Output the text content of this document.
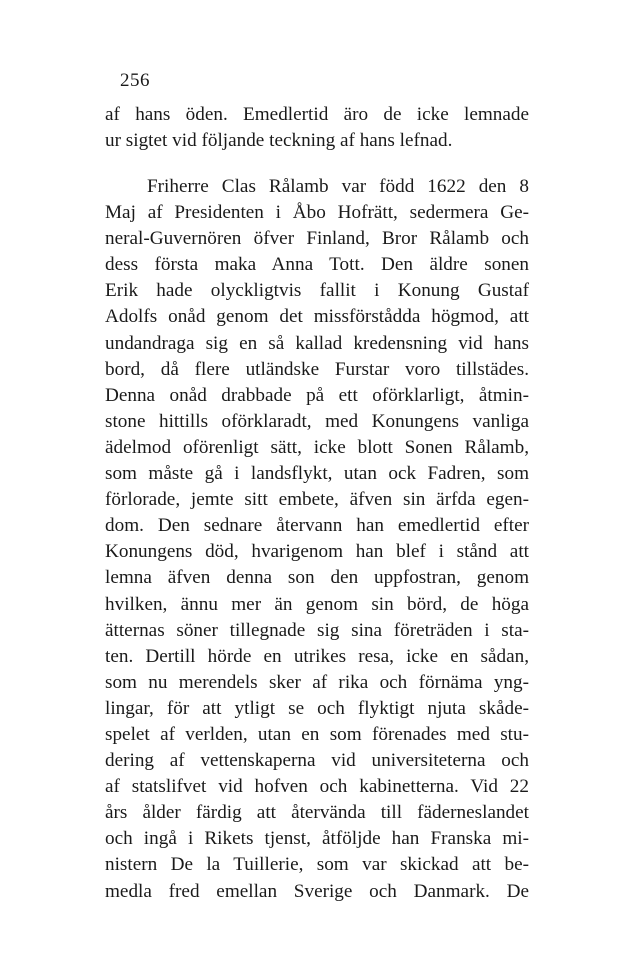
256
af hans öden. Emedlertid äro de icke lemnade
ur sigtet vid följande teckning af hans lefnad.
Friherre Clas Rålamb var född 1622 den 8
Maj af Presidenten i Åbo Hofrätt, sedermera Ge-
neral-Guvernören öfver Finland, Bror Rålamb och
dess första maka Anna Tott. Den äldre sonen
Erik hade olyckligtvis fallit i Konung Gustaf
Adolfs onåd genom det missförstådda högmod, att
undandraga sig en så kallad kredensning vid hans
bord, då flere utländske Furstar voro tillstädes.
Denna onåd drabbade på ett oförklarligt, åtmin-
stone hittills oförklaradt, med Konungens vanliga
ädelmod oförenligt sätt, icke blott Sonen Rålamb,
som måste gå i landsflykt, utan ock Fadren, som
förlorade, jemte sitt embete, äfven sin ärfda egen-
dom. Den sednare återvann han emedlertid efter
Konungens död, hvarigenom han blef i stånd att
lemna äfven denna son den uppfostran, genom
hvilken, ännu mer än genom sin börd, de höga
ätternas söner tillegnade sig sina företräden i sta-
ten. Dertill hörde en utrikes resa, icke en sådan,
som nu merendels sker af rika och förnäma yng-
lingar, för att ytligt se och flyktigt njuta skåde-
spelet af verlden, utan en som förenades med stu-
dering af vettenskaperna vid universiteterna och
af statslifvet vid hofven och kabinetterna. Vid 22
års ålder färdig att återvända till fäderneslandet
och ingå i Rikets tjenst, åtföljde han Franska mi-
nistern De la Tuillerie, som var skickad att be-
medla fred emellan Sverige och Danmark. De
